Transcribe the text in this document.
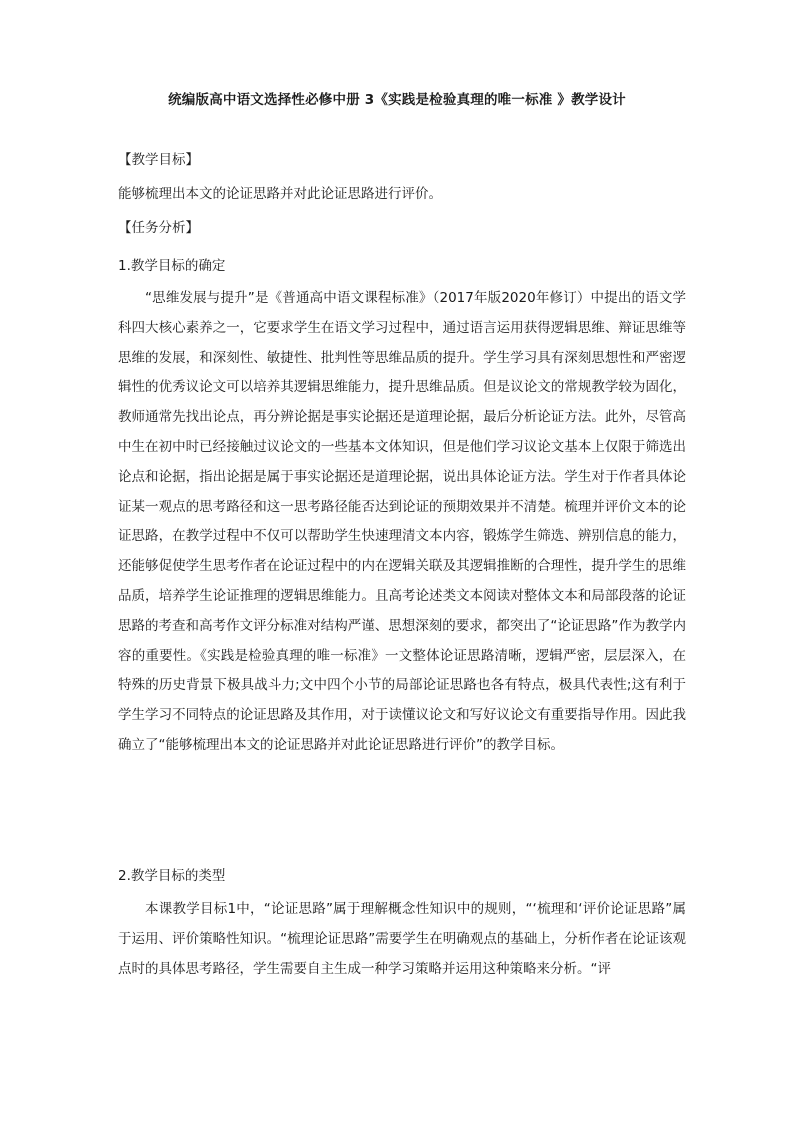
统编版高中语文选择性必修中册 3《实践是检验真理的唯一标准 》教学设计
【教学目标】
能够梳理出本文的论证思路并对此论证思路进行评价。
【任务分析】
1.教学目标的确定

“思维发展与提升”是《普通高中语文课程标准》（2017年版2020年修订）中提出的语文学科四大核心素养之一，它要求学生在语文学习过程中，通过语言运用获得逻辑思维、辩证思维等思维的发展，和深刻性、敏捷性、批判性等思维品质的提升。学生学习具有深刻思想性和严密逻辑性的优秀议论文可以培养其逻辑思维能力，提升思维品质。但是议论文的常规教学较为固化，教师通常先找出论点，再分辨论据是事实论据还是道理论据，最后分析论证方法。此外，尽管高中生在初中时已经接触过议论文的一些基本文体知识，但是他们学习议论文基本上仅限于筛选出论点和论据，指出论据是属于事实论据还是道理论据，说出具体论证方法。学生对于作者具体论证某一观点的思考路径和这一思考路径能否达到论证的预期效果并不清楚。梳理并评价文本的论证思路，在教学过程中不仅可以帮助学生快速理清文本内容，锻炼学生筛选、辨别信息的能力，还能够促使学生思考作者在论证过程中的内在逻辑关联及其逻辑推断的合理性，提升学生的思维品质，培养学生论证推理的逻辑思维能力。且高考论述类文本阅读对整体文本和局部段落的论证思路的考查和高考作文评分标准对结构严谨、思想深刻的要求，都突出了“论证思路”作为教学内容的重要性。《实践是检验真理的唯一标准》一文整体论证思路清晰，逻辑严密，层层深入，在特殊的历史背景下极具战斗力;文中四个小节的局部论证思路也各有特点，极具代表性;这有利于学生学习不同特点的论证思路及其作用，对于读懂议论文和写好议论文有重要指导作用。因此我确立了“能够梳理出本文的论证思路并对此论证思路进行评价”的教学目标。

2.教学目标的类型

本课教学目标1中，“论证思路”属于理解概念性知识中的规则，“‘梳理和‘评价论证思路”属于运用、评价策略性知识。“梳理论证思路”需要学生在明确观点的基础上，分析作者在论证该观点时的具体思考路径，学生需要自主生成一种学习策略并运用这种策略来分析。“评
